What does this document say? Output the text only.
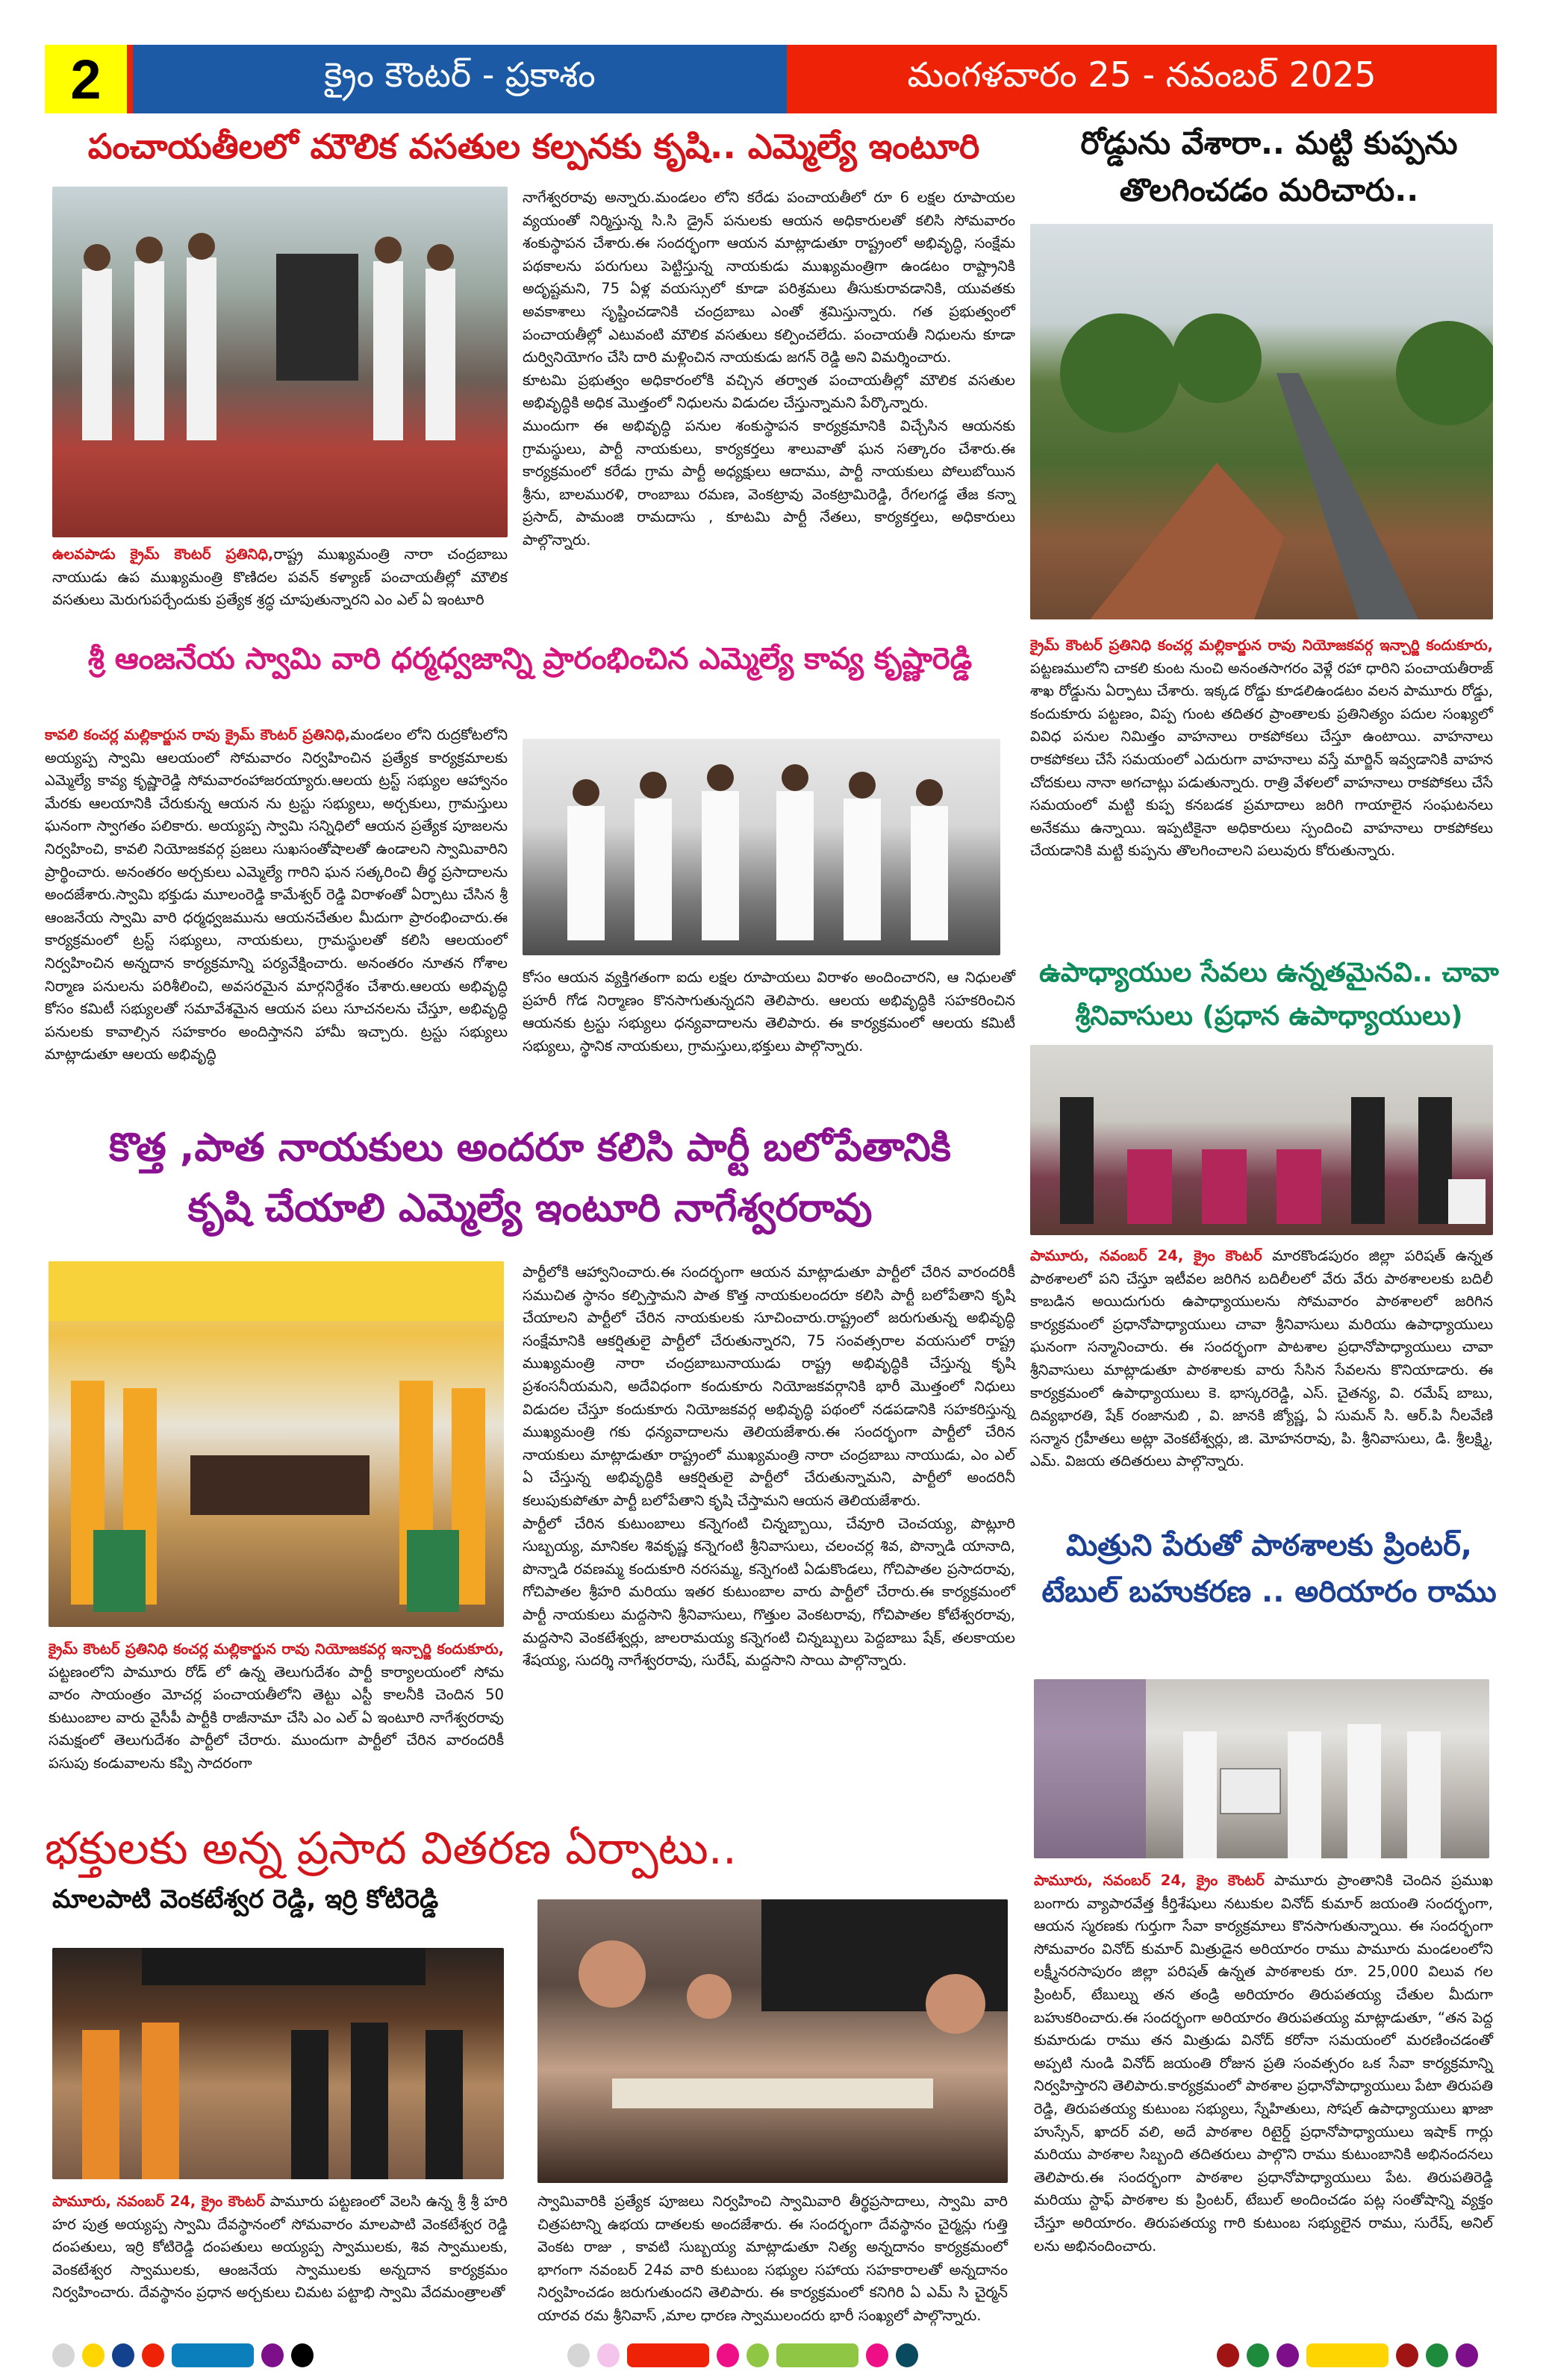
2	క్రైం కౌంటర్ - ప్రకాశం	మంగళవారం 25 - నవంబర్ 2025
పంచాయతీలలో మౌలిక వసతుల కల్పనకు కృషి.. ఎమ్మెల్యే ఇంటూరి

ఉలవపాడు క్రైమ్ కౌంటర్ ప్రతినిధి,రాష్ట్ర ముఖ్యమంత్రి నారా చంద్రబాబు నాయుడు ఉప ముఖ్యమంత్రి కొణిదల పవన్ కళ్యాణ్ పంచాయతీల్లో మౌలిక వసతులు మెరుగుపర్చేందుకు ప్రత్యేక శ్రద్ధ చూపుతున్నారని ఎం ఎల్ ఏ ఇంటూరి

నాగేశ్వరరావు అన్నారు.మండలం లోని కరేడు పంచాయతీలో రూ 6 లక్షల రూపాయల వ్యయంతో నిర్మిస్తున్న సి.సి డ్రైన్ పనులకు ఆయన అధికారులతో కలిసి సోమవారం శంకుస్థాపన చేశారు.ఈ సందర్భంగా ఆయన మాట్లాడుతూ రాష్ట్రంలో అభివృద్ధి, సంక్షేమ పథకాలను పరుగులు పెట్టిస్తున్న నాయకుడు ముఖ్యమంత్రిగా ఉండటం రాష్ట్రానికి అదృష్టమని, 75 ఏళ్ల వయస్సులో కూడా పరిశ్రమలు తీసుకురావడానికి, యువతకు అవకాశాలు సృష్టించడానికి చంద్రబాబు ఎంతో శ్రమిస్తున్నారు. గత ప్రభుత్వంలో పంచాయతీల్లో ఎటువంటి మౌలిక వసతులు కల్పించలేదు. పంచాయతీ నిధులను కూడా దుర్వినియోగం చేసి దారి మళ్లించిన నాయకుడు జగన్ రెడ్డి అని విమర్శించారు.

కూటమి ప్రభుత్వం అధికారంలోకి వచ్చిన తర్వాత పంచాయతీల్లో మౌలిక వసతుల అభివృద్ధికి అధిక మొత్తంలో నిధులను విడుదల చేస్తున్నామని పేర్కొన్నారు.

ముందుగా ఈ అభివృద్ధి పనుల శంకుస్థాపన కార్యక్రమానికి విచ్చేసిన ఆయనకు గ్రామస్థులు, పార్టీ నాయకులు, కార్యకర్తలు శాలువాతో ఘన సత్కారం చేశారు.ఈ కార్యక్రమంలో కరేడు గ్రామ పార్టీ అధ్యక్షులు ఆదాము, పార్టీ నాయకులు పోలుబోయిన శ్రీను, బాలమురళి, రాంబాబు రమణ, వెంకట్రావు వెంకట్రామిరెడ్డి, రేగలగడ్డ తేజ కన్నా ప్రసాద్, పామంజి రామదాసు , కూటమి పార్టీ నేతలు, కార్యకర్తలు, అధికారులు పాల్గొన్నారు.

రోడ్డును వేశారా.. మట్టి కుప్పను తొలగించడం మరిచారు..

క్రైమ్ కౌంటర్ ప్రతినిధి కంచర్ల మల్లికార్జున రావు నియోజకవర్గ ఇన్చార్జి కందుకూరు, పట్టణములోని చాకలి కుంట నుంచి అనంతసాగరం వెళ్లే రహా ధారిని పంచాయతీరాజ్ శాఖ రోడ్డును ఏర్పాటు చేశారు. ఇక్కడ రోడ్డు కూడలిఉండటం వలన పామూరు రోడ్డు, కందుకూరు పట్టణం, విప్ప గుంట తదితర ప్రాంతాలకు ప్రతినిత్యం పదుల సంఖ్యలో వివిధ పనుల నిమిత్తం వాహనాలు రాకపోకలు చేస్తూ ఉంటాయి. వాహనాలు రాకపోకలు చేసే సమయంలో ఎదురుగా వాహనాలు వస్తే మార్జిన్ ఇవ్వడానికి వాహన చోదకులు నానా అగచాట్లు పడుతున్నారు. రాత్రి వేళలలో వాహనాలు రాకపోకలు చేసే సమయంలో మట్టి కుప్ప కనబడక ప్రమాదాలు జరిగి గాయాలైన సంఘటనలు అనేకము ఉన్నాయి. ఇప్పటికైనా అధికారులు స్పందించి వాహనాలు రాకపోకలు చేయడానికి మట్టి కుప్పను తొలగించాలని పలువురు కోరుతున్నారు.

శ్రీ ఆంజనేయ స్వామి వారి ధర్మధ్వజాన్ని ప్రారంభించిన ఎమ్మెల్యే కావ్య కృష్ణారెడ్డి

కావలి కంచర్ల మల్లికార్జున రావు క్రైమ్ కౌంటర్ ప్రతినిధి,మండలం లోని రుద్రకోటలోని అయ్యప్ప స్వామి ఆలయంలో సోమవారం నిర్వహించిన ప్రత్యేక కార్యక్రమాలకు ఎమ్మెల్యే కావ్య కృష్ణారెడ్డి సోమవారంహాజరయ్యారు.ఆలయ ట్రస్ట్ సభ్యుల ఆహ్వానం మేరకు ఆలయానికి చేరుకున్న ఆయన ను ట్రస్టు సభ్యులు, అర్చకులు, గ్రామస్తులు ఘనంగా స్వాగతం పలికారు. అయ్యప్ప స్వామి సన్నిధిలో ఆయన ప్రత్యేక పూజలను నిర్వహించి, కావలి నియోజకవర్గ ప్రజలు సుఖసంతోషాలతో ఉండాలని స్వామివారిని ప్రార్థించారు. అనంతరం అర్చకులు ఎమ్మెల్యే గారిని ఘన సత్కరించి తీర్థ ప్రసాదాలను అందజేశారు.స్వామి భక్తుడు మూలంరెడ్డి కామేశ్వర్ రెడ్డి విరాళంతో ఏర్పాటు చేసిన శ్రీ ఆంజనేయ స్వామి వారి ధర్మధ్వజమును ఆయనచేతుల మీదుగా ప్రారంభించారు.ఈ కార్యక్రమంలో ట్రస్ట్ సభ్యులు, నాయకులు, గ్రామస్థులతో కలిసి ఆలయంలో నిర్వహించిన అన్నదాన కార్యక్రమాన్ని పర్యవేక్షించారు. అనంతరం నూతన గోశాల నిర్మాణ పనులను పరిశీలించి, అవసరమైన మార్గనిర్దేశం చేశారు.ఆలయ అభివృద్ధి కోసం కమిటీ సభ్యులతో సమావేశమైన ఆయన పలు సూచనలను చేస్తూ, అభివృద్ధి పనులకు కావాల్సిన సహకారం అందిస్తానని హామీ ఇచ్చారు. ట్రస్టు సభ్యులు మాట్లాడుతూ ఆలయ అభివృద్ధి

కోసం ఆయన వ్యక్తిగతంగా ఐదు లక్షల రూపాయలు విరాళం అందించారని, ఆ నిధులతో ప్రహరీ గోడ నిర్మాణం కొనసాగుతున్నదని తెలిపారు. ఆలయ అభివృద్ధికి సహకరించిన ఆయనకు ట్రస్టు సభ్యులు ధన్యవాదాలను తెలిపారు. ఈ కార్యక్రమంలో ఆలయ కమిటీ సభ్యులు, స్థానిక నాయకులు, గ్రామస్తులు,భక్తులు పాల్గొన్నారు.

ఉపాధ్యాయుల సేవలు ఉన్నతమైనవి.. చావా శ్రీనివాసులు (ప్రధాన ఉపాధ్యాయులు)

పామూరు, నవంబర్ 24, క్రైం కౌంటర్ మారకొండపురం జిల్లా పరిషత్ ఉన్నత పాఠశాలలో పని చేస్తూ ఇటీవల జరిగిన బదిలీలలో వేరు వేరు పాఠశాలలకు బదిలీ కాబడిన అయిదుగురు ఉపాధ్యాయులను సోమవారం పాఠశాలలో జరిగిన కార్యక్రమంలో ప్రధానోపాధ్యాయులు చావా శ్రీనివాసులు మరియు ఉపాధ్యాయులు ఘనంగా సన్మానించారు. ఈ సందర్భంగా పాటశాల ప్రధానోపాధ్యాయులు చావా శ్రీనివాసులు మాట్లాడుతూ పాఠశాలకు వారు సేసిన సేవలను కొనియాడారు. ఈ కార్యక్రమంలో ఉపాధ్యాయులు కె. భాస్కరరెడ్డి, ఎస్. చైతన్య, వి. రమేష్ బాబు, దివ్యభారతి, షేక్ రంజానుబి , వి. జానకి జ్యోష్ణ, ఏ సుమన్ సి. ఆర్.పి నీలవేణి సన్మాన గ్రహీతలు అట్లా వెంకటేశ్వర్లు, జి. మోహనరావు, పి. శ్రీనివాసులు, డి. శ్రీలక్ష్మి, ఎమ్. విజయ తదితరులు పాల్గొన్నారు.

కొత్త ,పాత నాయకులు అందరూ కలిసి పార్టీ బలోపేతానికి
కృషి చేయాలి ఎమ్మెల్యే ఇంటూరి నాగేశ్వరరావు

క్రైమ్ కౌంటర్ ప్రతినిధి కంచర్ల మల్లికార్జున రావు నియోజకవర్గ ఇన్చార్జి కందుకూరు, పట్టణంలోని పామూరు రోడ్ లో ఉన్న తెలుగుదేశం పార్టీ కార్యాలయంలో సోమ వారం సాయంత్రం మోచర్ల పంచాయతీలోని తెట్టు ఎస్టీ కాలనీకి చెందిన 50 కుటుంబాల వారు వైసీపీ పార్టీకి రాజీనామా చేసి ఎం ఎల్ ఏ ఇంటూరి నాగేశ్వరరావు సమక్షంలో తెలుగుదేశం పార్టీలో చేరారు. ముందుగా పార్టీలో చేరిన వారందరికీ పసుపు కండువాలను కప్పి సాదరంగా

పార్టీలోకి ఆహ్వానించారు.ఈ సందర్భంగా ఆయన మాట్లాడుతూ పార్టీలో చేరిన వారందరికీ సముచిత స్థానం కల్పిస్తామని పాత కొత్త నాయకులందరూ కలిసి పార్టీ బలోపేతాని కృషి చేయాలని పార్టీలో చేరిన నాయకులకు సూచించారు.రాష్ట్రంలో జరుగుతున్న అభివృద్ధి సంక్షేమానికి ఆకర్షితులై పార్టీలో చేరుతున్నారని, 75 సంవత్సరాల వయసులో రాష్ట్ర ముఖ్యమంత్రి నారా చంద్రబాబునాయుడు రాష్ట్ర అభివృద్ధికి చేస్తున్న కృషి ప్రశంసనీయమని, అదేవిధంగా కందుకూరు నియోజకవర్గానికి భారీ మొత్తంలో నిధులు విడుదల చేస్తూ కందుకూరు నియోజకవర్గ అభివృద్ధి పథంలో నడపడానికి సహకరిస్తున్న ముఖ్యమంత్రి గకు ధన్యవాదాలను తెలియజేశారు.ఈ సందర్భంగా పార్టీలో చేరిన నాయకులు మాట్లాడుతూ రాష్ట్రంలో ముఖ్యమంత్రి నారా చంద్రబాబు నాయుడు, ఎం ఎల్ ఏ చేస్తున్న అభివృద్ధికి ఆకర్షితులై పార్టీలో చేరుతున్నామని, పార్టీలో అందరినీ కలుపుకుపోతూ పార్టీ బలోపేతాని కృషి చేస్తామని ఆయన తెలియజేశారు.

పార్టీలో చేరిన కుటుంబాలు కన్నెగంటి చిన్నబ్బాయి, చేవూరి చెంచయ్య, పొట్లూరి సుబ్బయ్య, మానికల శివకృష్ణ కన్నెగంటి శ్రీనివాసులు, చలంచర్ల శివ, పొన్నాడి యానాది, పొన్నాడి రవణమ్మ కందుకూరి నరసమ్మ, కన్నెగంటి ఏడుకొండలు, గోచిపాతల ప్రసాదరావు, గోచిపాతల శ్రీహరి మరియు ఇతర కుటుంబాల వారు పార్టీలో చేరారు.ఈ కార్యక్రమంలో పార్టీ నాయకులు మద్దసాని శ్రీనివాసులు, గొత్తుల వెంకటరావు, గోచిపాతల కోటేశ్వరరావు, మద్దసాని వెంకటేశ్వర్లు, జాలరామయ్య కన్నెగంటి చిన్నబ్బులు పెద్దబాబు షేక్, తలకాయల శేషయ్య, సుదర్శి నాగేశ్వరరావు, సురేష్, మద్దసాని సాయి పాల్గొన్నారు.

మిత్రుని పేరుతో పాఠశాలకు ప్రింటర్,
టేబుల్ బహుకరణ .. అరియారం రాము

పామూరు, నవంబర్ 24, క్రైం కౌంటర్ పామూరు ప్రాంతానికి చెందిన ప్రముఖ బంగారు వ్యాపారవేత్త కీర్తిశేషులు నటుకుల వినోద్ కుమార్ జయంతి సందర్భంగా, ఆయన స్మరణకు గుర్తుగా సేవా కార్యక్రమాలు కొనసాగుతున్నాయి. ఈ సందర్భంగా సోమవారం వినోద్ కుమార్ మిత్రుడైన అరియారం రాము పామూరు మండలంలోని లక్ష్మీనరసాపురం జిల్లా పరిషత్ ఉన్నత పాఠశాలకు రూ. 25,000 విలువ గల ప్రింటర్, టేబుల్ను తన తండ్రి అరియారం తిరుపతయ్య చేతుల మీదుగా బహుకరించారు.ఈ సందర్భంగా అరియారం తిరుపతయ్య మాట్లాడుతూ, “తన పెద్ద కుమారుడు రాము తన మిత్రుడు వినోద్ కరోనా సమయంలో మరణించడంతో అప్పటి నుండి వినోద్ జయంతి రోజున ప్రతి సంవత్సరం ఒక సేవా కార్యక్రమాన్ని నిర్వహిస్తారని తెలిపారు.కార్యక్రమంలో పాఠశాల ప్రధానోపాధ్యాయులు పేటా తిరుపతి రెడ్డి, తిరుపతయ్య కుటుంబ సభ్యులు, స్నేహితులు, సోషల్ ఉపాధ్యాయులు ఖాజా హుస్సేన్, ఖాదర్ వలి, అదే పాఠశాల రిటైర్డ్ ప్రధానోపాధ్యాయులు ఇషాక్ గార్లు మరియు పాఠశాల సిబ్బంది తదితరులు పాల్గొని రాము కుటుంబానికి అభినందనలు తెలిపారు.ఈ సందర్భంగా పాఠశాల ప్రధానోపాధ్యాయులు పేట. తిరుపతిరెడ్డి మరియు స్టాఫ్ పాఠశాల కు ప్రింటర్, టేబుల్ అందించడం పట్ల సంతోషాన్ని వ్యక్తం చేస్తూ అరియారం. తిరుపతయ్య గారి కుటుంబ సభ్యులైన రాము, సురేష్, అనిల్ లను అభినందించారు.

భక్తులకు అన్న ప్రసాద వితరణ ఏర్పాటు..
మాలపాటి వెంకటేశ్వర రెడ్డి, ఇర్రి కోటిరెడ్డి

పామూరు, నవంబర్ 24, క్రైం కౌంటర్ పామూరు పట్టణంలో వెలసి ఉన్న శ్రీ శ్రీ హరి హర పుత్ర అయ్యప్ప స్వామి దేవస్థానంలో సోమవారం మాలపాటి వెంకటేశ్వర రెడ్డి దంపతులు, ఇర్రి కోటిరెడ్డి దంపతులు అయ్యప్ప స్వాములకు, శివ స్వాములకు, వెంకటేశ్వర స్వాములకు, ఆంజనేయ స్వాములకు అన్నదాన కార్యక్రమం నిర్వహించారు. దేవస్థానం ప్రధాన అర్చకులు చిమట పట్టాభి స్వామి వేదమంత్రాలతో

స్వామివారికి ప్రత్యేక పూజలు నిర్వహించి స్వామివారి తీర్థప్రసాదాలు, స్వామి వారి చిత్రపటాన్ని ఉభయ దాతలకు అందజేశారు. ఈ సందర్భంగా దేవస్థానం చైర్మన్లు గుత్తి వెంకట రాజు , కావటి సుబ్బయ్య మాట్లాడుతూ నిత్య అన్నదానం కార్యక్రమంలో భాగంగా నవంబర్ 24వ వారి కుటుంబ సభ్యుల సహాయ సహకారాలతో అన్నదానం నిర్వహించడం జరుగుతుందని తెలిపారు. ఈ కార్యక్రమంలో కనిగిరి ఏ ఎమ్ సి చైర్మన్ యారవ రమ శ్రీనివాస్ ,మాల ధారణ స్వాములందరు భారీ సంఖ్యలో పాల్గొన్నారు.
